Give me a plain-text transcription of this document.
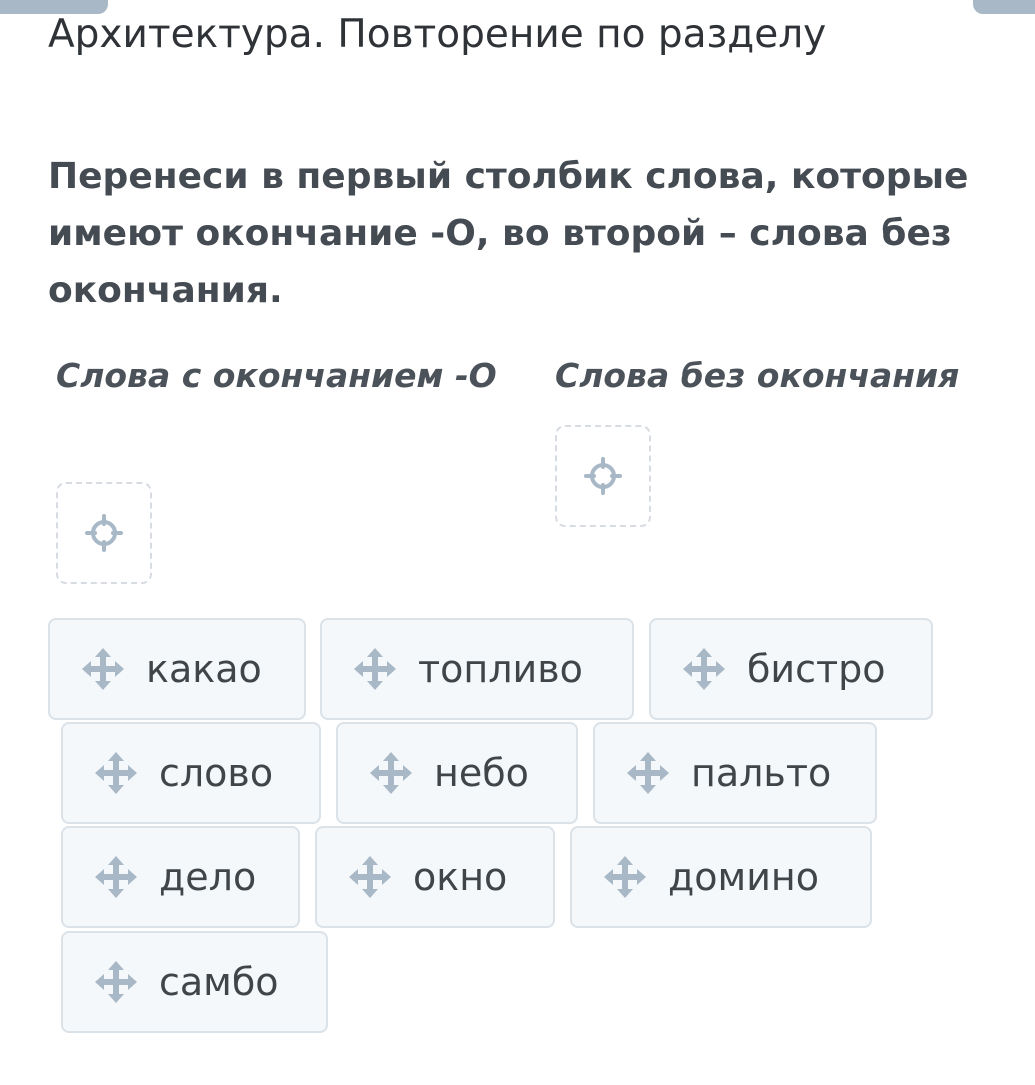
Архитектура. Повторение по разделу

Перенеси в первый столбик слова, которые имеют окончание -О, во второй – слова без окончания.

Слова с окончанием -О	Слова без окончания
какао	топливо	бистро
слово	небо	пальто
дело	окно	домино
самбо
